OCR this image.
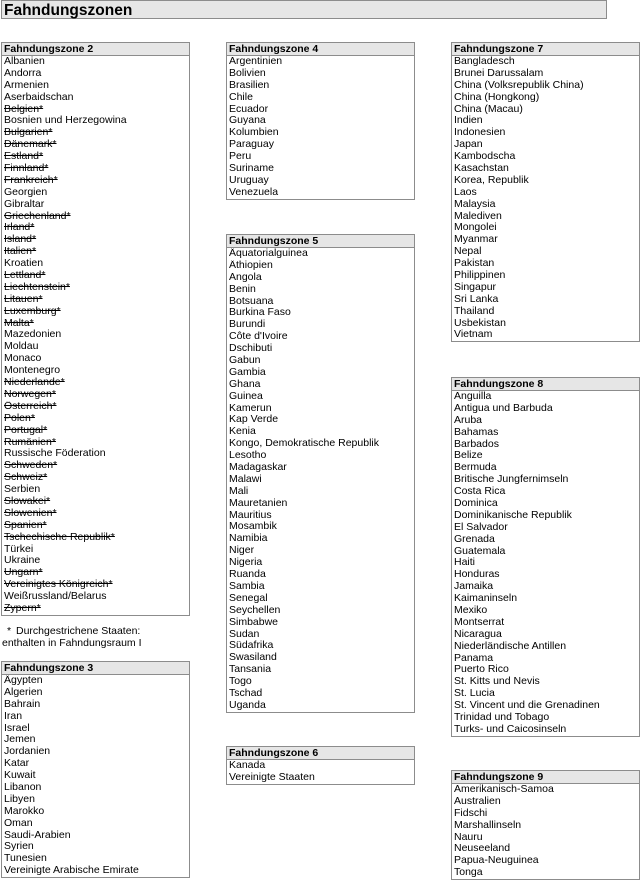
Fahndungszonen
Fahndungszone 2
Albanien
Andorra
Armenien
Aserbaidschan
Belgien*
Bosnien und Herzegowina
Bulgarien*
Dänemark*
Estland*
Finnland*
Frankreich*
Georgien
Gibraltar
Griechenland*
Irland*
Island*
Italien*
Kroatien
Lettland*
Liechtenstein*
Litauen*
Luxemburg*
Malta*
Mazedonien
Moldau
Monaco
Montenegro
Niederlande*
Norwegen*
Österreich*
Polen*
Portugal*
Rumänien*
Russische Föderation
Schweden*
Schweiz*
Serbien
Slowakei*
Slowenien*
Spanien*
Tschechische Republik*
Türkei
Ukraine
Ungarn*
Vereinigtes Königreich*
Weißrussland/Belarus
Zypern*
* Durchgestrichene Staaten:
enthalten in Fahndungsraum I
Fahndungszone 3
Ägypten
Algerien
Bahrain
Iran
Israel
Jemen
Jordanien
Katar
Kuwait
Libanon
Libyen
Marokko
Oman
Saudi-Arabien
Syrien
Tunesien
Vereinigte Arabische Emirate
Fahndungszone 4
Argentinien
Bolivien
Brasilien
Chile
Ecuador
Guyana
Kolumbien
Paraguay
Peru
Suriname
Uruguay
Venezuela
Fahndungszone 5
Äquatorialguinea
Äthiopien
Angola
Benin
Botsuana
Burkina Faso
Burundi
Côte d'Ivoire
Dschibuti
Gabun
Gambia
Ghana
Guinea
Kamerun
Kap Verde
Kenia
Kongo, Demokratische Republik
Lesotho
Madagaskar
Malawi
Mali
Mauretanien
Mauritius
Mosambik
Namibia
Niger
Nigeria
Ruanda
Sambia
Senegal
Seychellen
Simbabwe
Sudan
Südafrika
Swasiland
Tansania
Togo
Tschad
Uganda
Fahndungszone 6
Kanada
Vereinigte Staaten
Fahndungszone 7
Bangladesch
Brunei Darussalam
China (Volksrepublik China)
China (Hongkong)
China (Macau)
Indien
Indonesien
Japan
Kambodscha
Kasachstan
Korea, Republik
Laos
Malaysia
Malediven
Mongolei
Myanmar
Nepal
Pakistan
Philippinen
Singapur
Sri Lanka
Thailand
Usbekistan
Vietnam
Fahndungszone 8
Anguilla
Antigua und Barbuda
Aruba
Bahamas
Barbados
Belize
Bermuda
Britische Jungfernimseln
Costa Rica
Dominica
Dominikanische Republik
El Salvador
Grenada
Guatemala
Haiti
Honduras
Jamaika
Kaimaninseln
Mexiko
Montserrat
Nicaragua
Niederländische Antillen
Panama
Puerto Rico
St. Kitts und Nevis
St. Lucia
St. Vincent und die Grenadinen
Trinidad und Tobago
Turks- und Caicosinseln
Fahndungszone 9
Amerikanisch-Samoa
Australien
Fidschi
Marshallinseln
Nauru
Neuseeland
Papua-Neuguinea
Tonga
